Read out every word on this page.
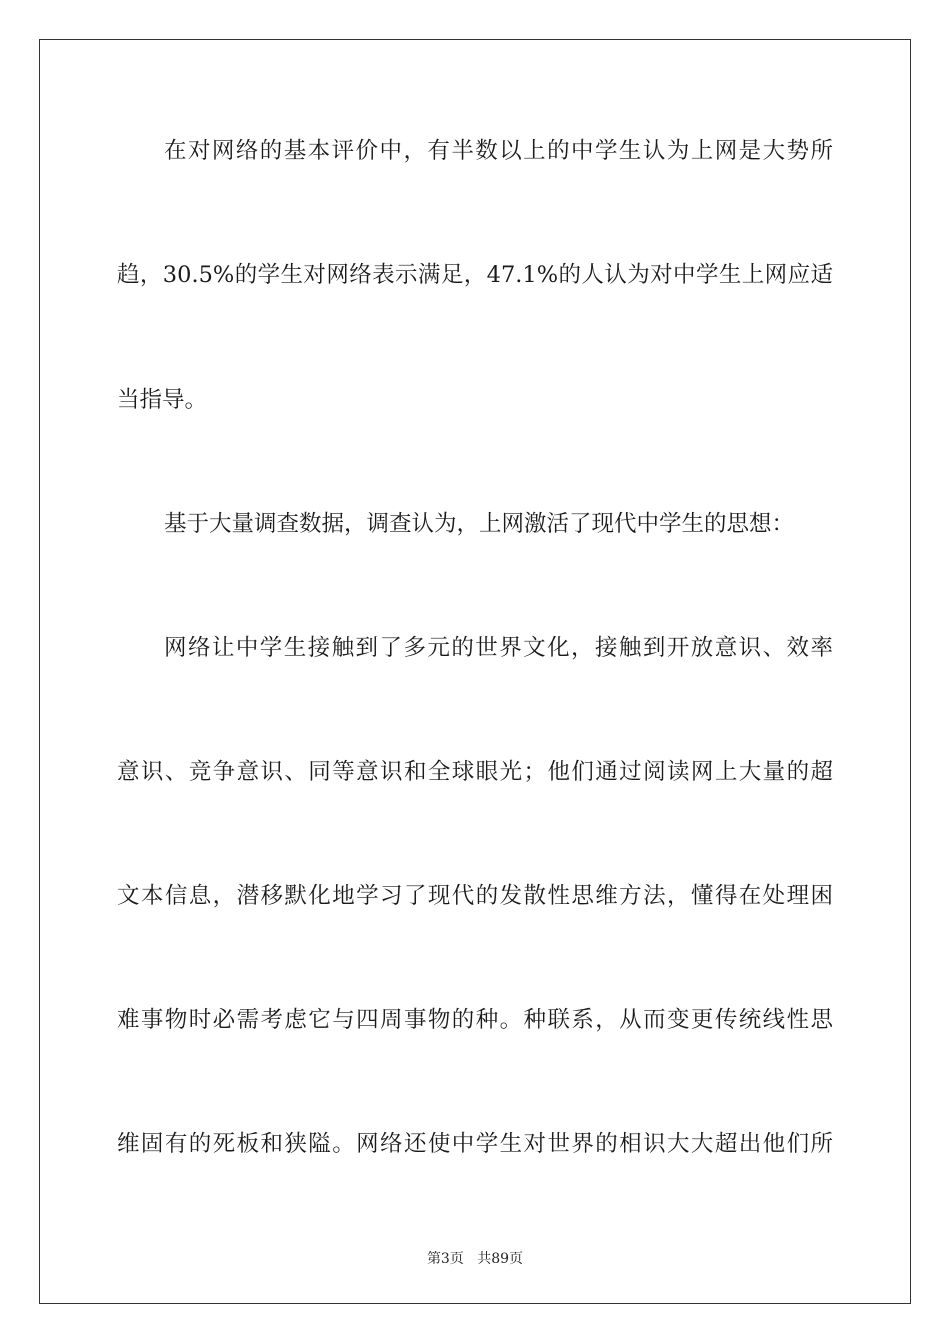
在对网络的基本评价中，有半数以上的中学生认为上网是大势所
趋，30.5%的学生对网络表示满足，47.1%的人认为对中学生上网应适
当指导。
基于大量调查数据，调查认为，上网激活了现代中学生的思想：
网络让中学生接触到了多元的世界文化，接触到开放意识、效率
意识、竞争意识、同等意识和全球眼光；他们通过阅读网上大量的超
文本信息，潜移默化地学习了现代的发散性思维方法，懂得在处理困
难事物时必需考虑它与四周事物的种。种联系，从而变更传统线性思
维固有的死板和狭隘。网络还使中学生对世界的相识大大超出他们所
第3页 共89页
